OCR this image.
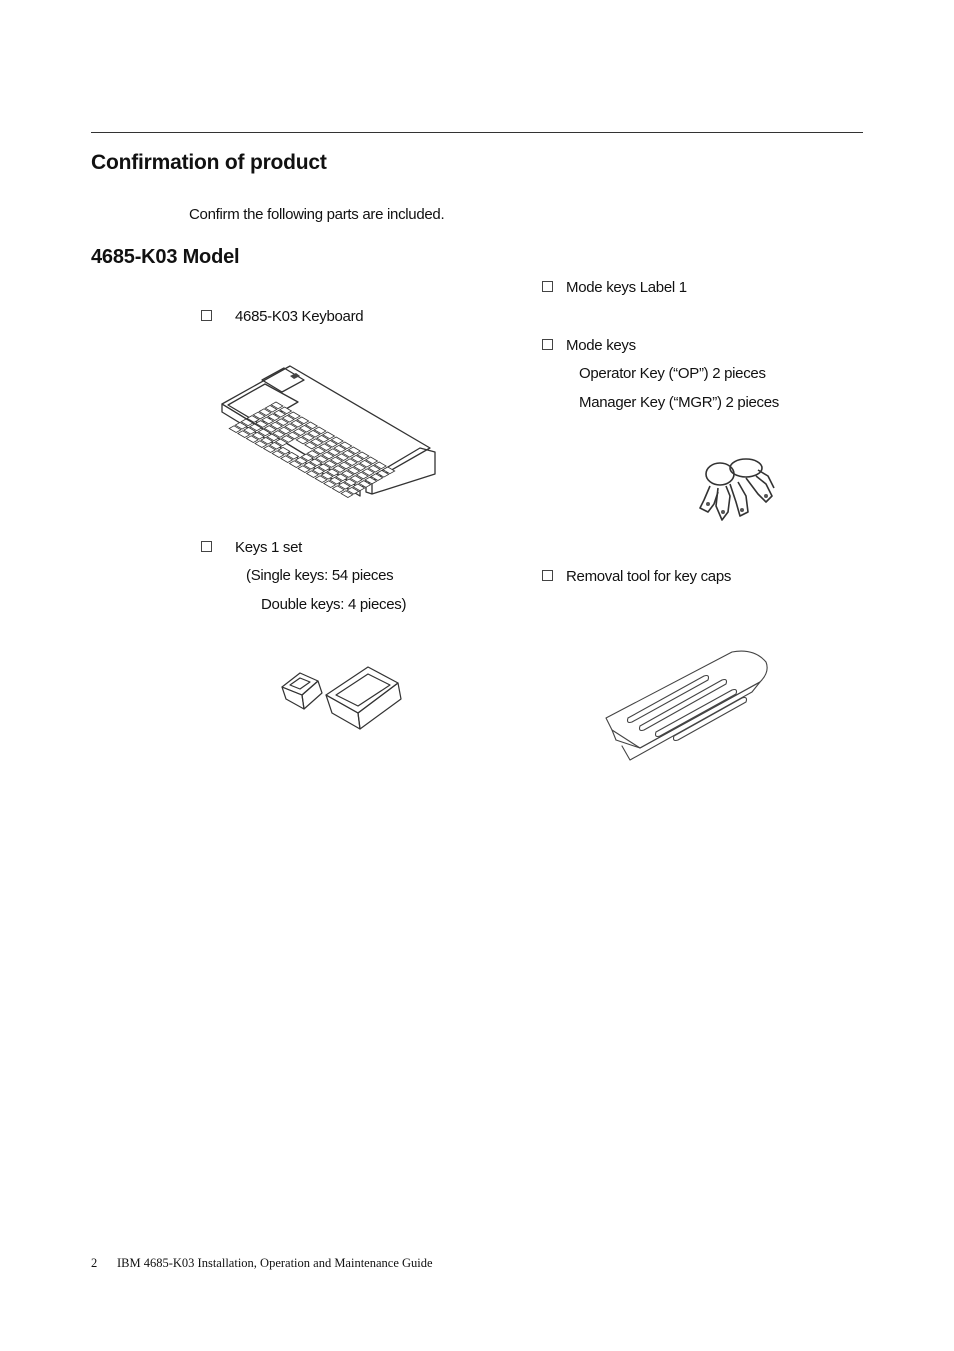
Confirmation of product
Confirm the following parts are included.
4685-K03 Model
4685-K03 Keyboard
Keys 1 set
(Single keys: 54 pieces
Double keys: 4 pieces)
Mode keys Label 1
Mode keys
Operator Key (“OP”) 2 pieces
Manager Key (“MGR”) 2 pieces
Removal tool for key caps
2 IBM 4685-K03 Installation, Operation and Maintenance Guide
